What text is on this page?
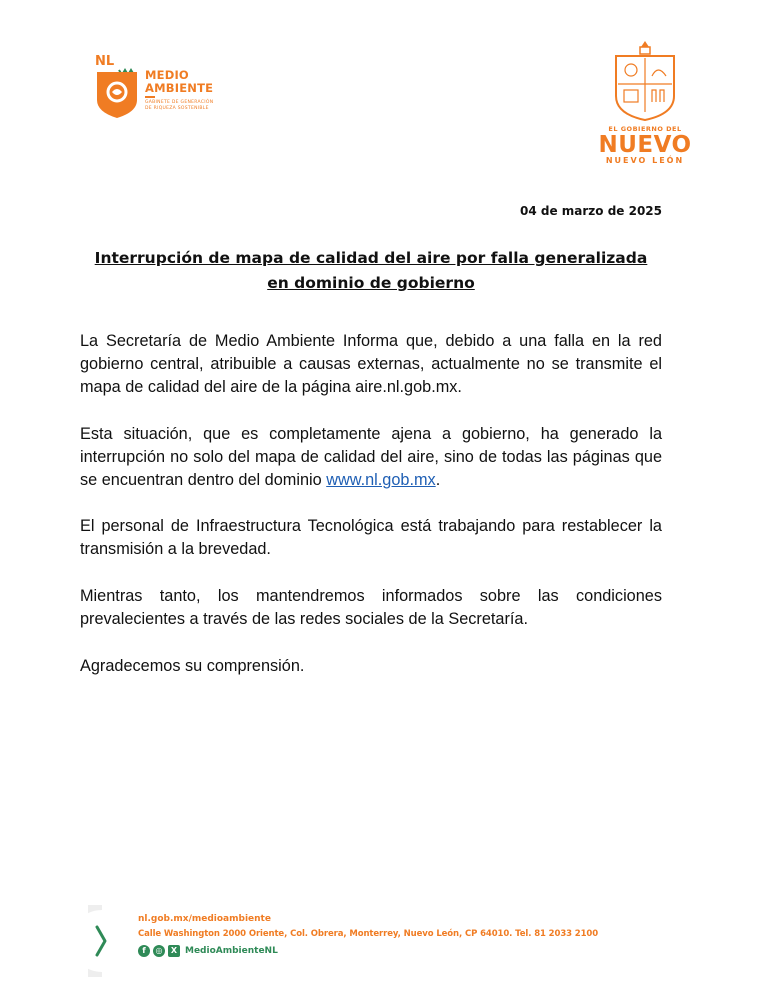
NL
MEDIO
AMBIENTE
GABINETE DE GENERACIÓN
DE RIQUEZA SOSTENIBLE
EL GOBIERNO DEL
NUEVO
NUEVO LEÓN
04 de marzo de 2025
Interrupción de mapa de calidad del aire por falla generalizada en dominio de gobierno

La Secretaría de Medio Ambiente Informa que, debido a una falla en la red gobierno central, atribuible a causas externas, actualmente no se transmite el mapa de calidad del aire de la página aire.nl.gob.mx.

Esta situación, que es completamente ajena a gobierno, ha generado la interrupción no solo del mapa de calidad del aire, sino de todas las páginas que se encuentran dentro del dominio www.nl.gob.mx.

El personal de Infraestructura Tecnológica está trabajando para restablecer la transmisión a la brevedad.

Mientras tanto, los mantendremos informados sobre las condiciones prevalecientes a través de las redes sociales de la Secretaría.

Agradecemos su comprensión.

nl.gob.mx/medioambiente
Calle Washington 2000 Oriente, Col. Obrera, Monterrey, Nuevo León, CP 64010. Tel. 81 2033 2100
f	◎	X MedioAmbienteNL
